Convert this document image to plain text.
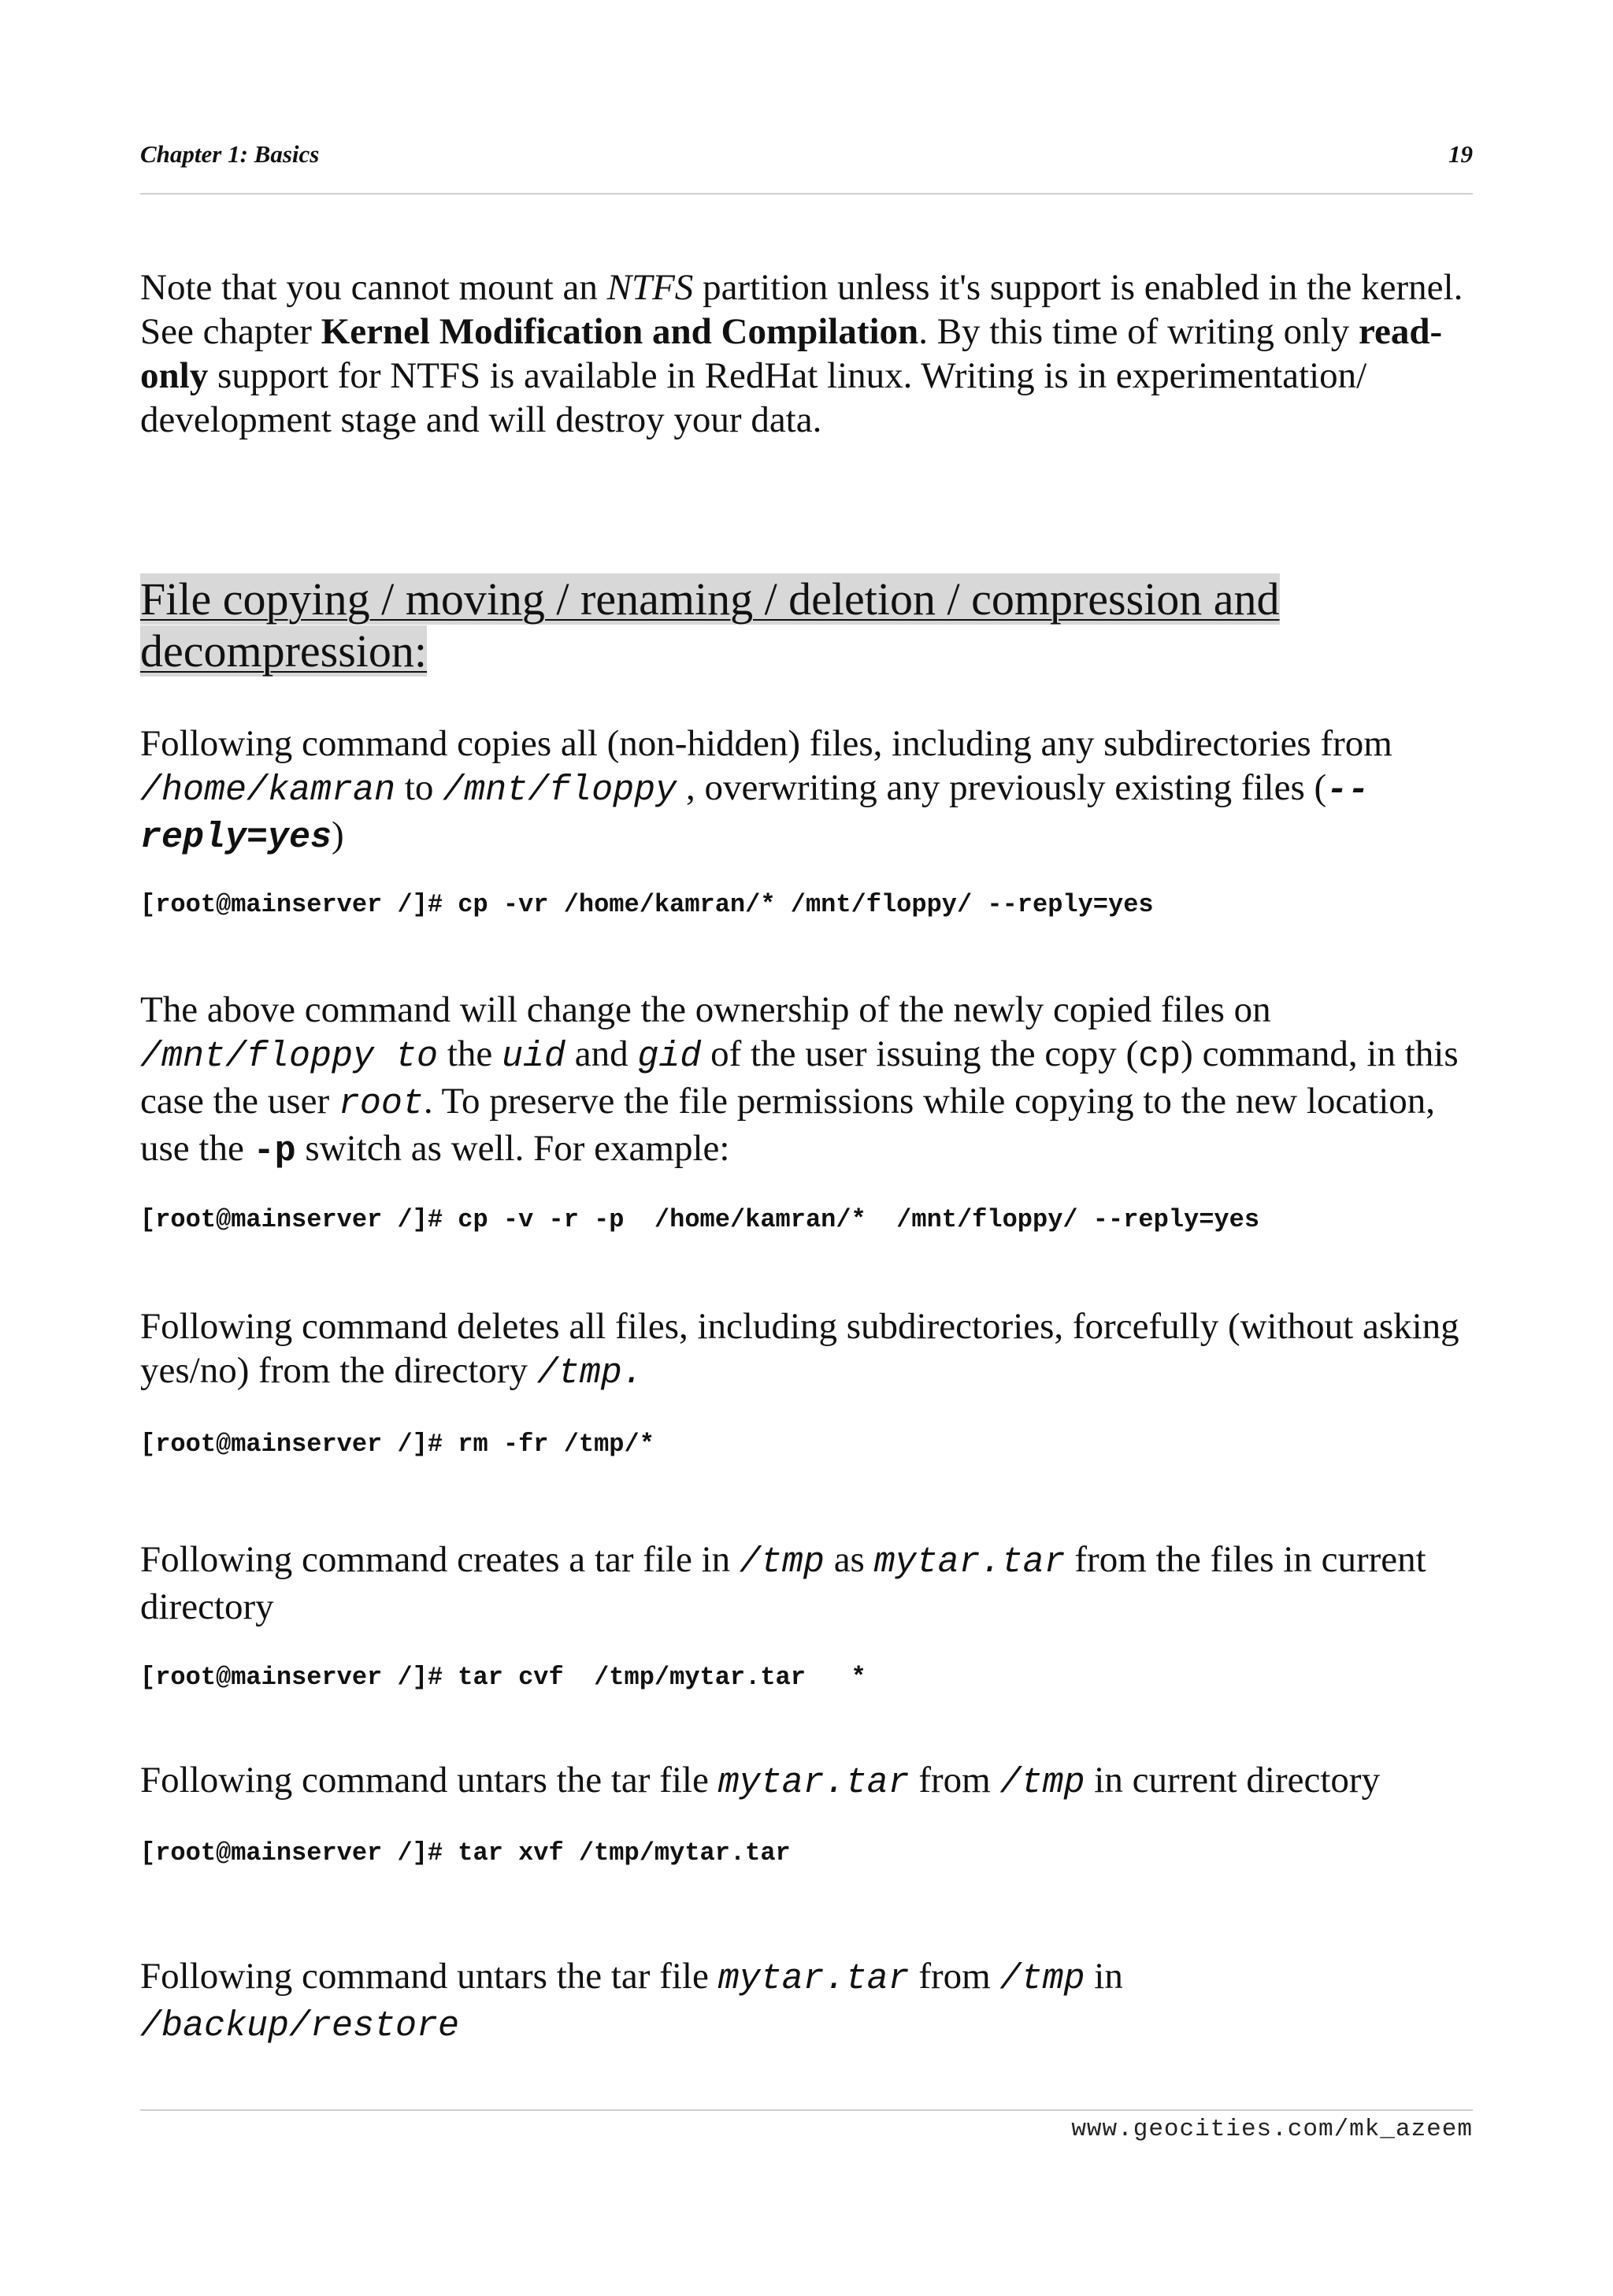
Chapter 1: Basics	19

Note that you cannot mount an NTFS partition unless it's support is enabled in the kernel. See chapter Kernel Modification and Compilation. By this time of writing only read-only support for NTFS is available in RedHat linux. Writing is in experimentation/ development stage and will destroy your data.

File copying / moving / renaming / deletion / compression and decompression:

Following command copies all (non-hidden) files, including any subdirectories from /home/kamran to /mnt/floppy , overwriting any previously existing files (--reply=yes)

[root@mainserver /]# cp -vr /home/kamran/* /mnt/floppy/ --reply=yes

The above command will change the ownership of the newly copied files on /mnt/floppy to the uid and gid of the user issuing the copy (cp) command, in this case the user root. To preserve the file permissions while copying to the new location, use the -p switch as well. For example:

[root@mainserver /]# cp -v -r -p  /home/kamran/*  /mnt/floppy/ --reply=yes

Following command deletes all files, including subdirectories, forcefully (without asking yes/no) from the directory /tmp.

[root@mainserver /]# rm -fr /tmp/*

Following command creates a tar file in /tmp as mytar.tar from the files in current directory

[root@mainserver /]# tar cvf  /tmp/mytar.tar   *

Following command untars the tar file mytar.tar from /tmp in current directory

[root@mainserver /]# tar xvf /tmp/mytar.tar

Following command untars the tar file mytar.tar from /tmp in /backup/restore

www.geocities.com/mk_azeem
